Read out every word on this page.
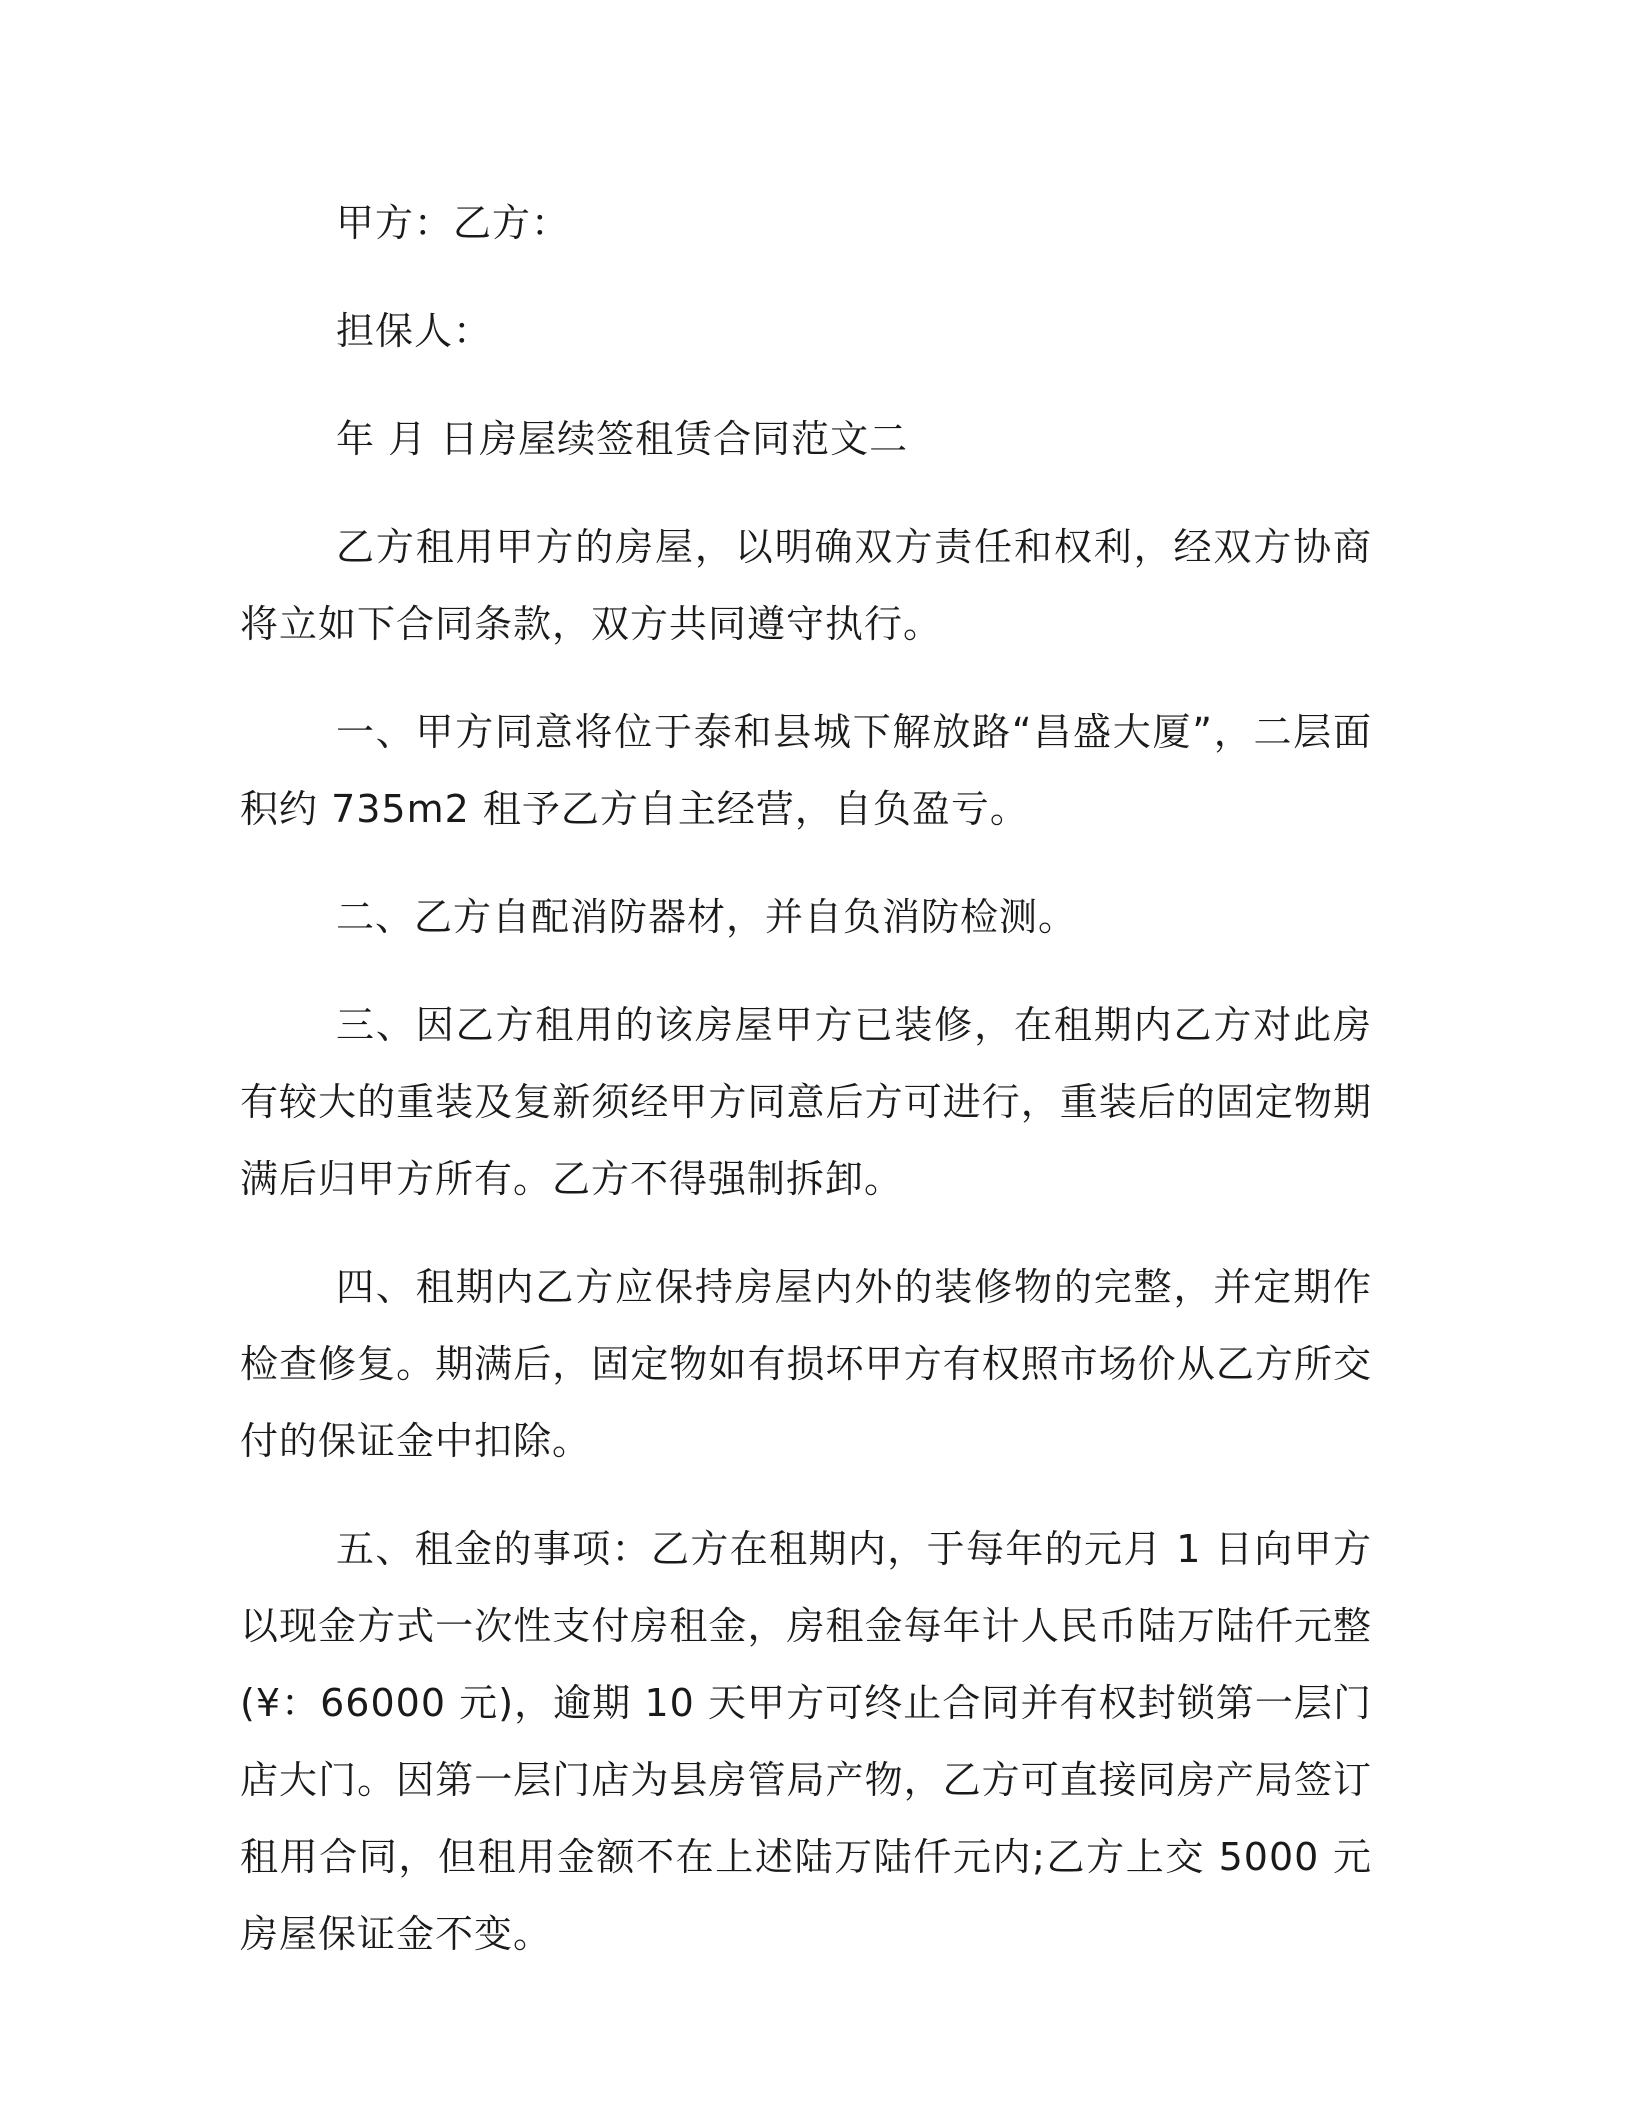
甲方：乙方：

担保人：

年 月 日房屋续签租赁合同范文二

乙方租用甲方的房屋，以明确双方责任和权利，经双方协商将立如下合同条款，双方共同遵守执行。

一、甲方同意将位于泰和县城下解放路“昌盛大厦”，二层面积约 735m2 租予乙方自主经营，自负盈亏。

二、乙方自配消防器材，并自负消防检测。

三、因乙方租用的该房屋甲方已装修，在租期内乙方对此房有较大的重装及复新须经甲方同意后方可进行，重装后的固定物期满后归甲方所有。乙方不得强制拆卸。

四、租期内乙方应保持房屋内外的装修物的完整，并定期作检查修复。期满后，固定物如有损坏甲方有权照市场价从乙方所交付的保证金中扣除。

五、租金的事项：乙方在租期内，于每年的元月 1 日向甲方以现金方式一次性支付房租金，房租金每年计人民币陆万陆仟元整(¥：66000 元)，逾期 10 天甲方可终止合同并有权封锁第一层门店大门。因第一层门店为县房管局产物，乙方可直接同房产局签订租用合同，但租用金额不在上述陆万陆仟元内;乙方上交 5000 元房屋保证金不变。
